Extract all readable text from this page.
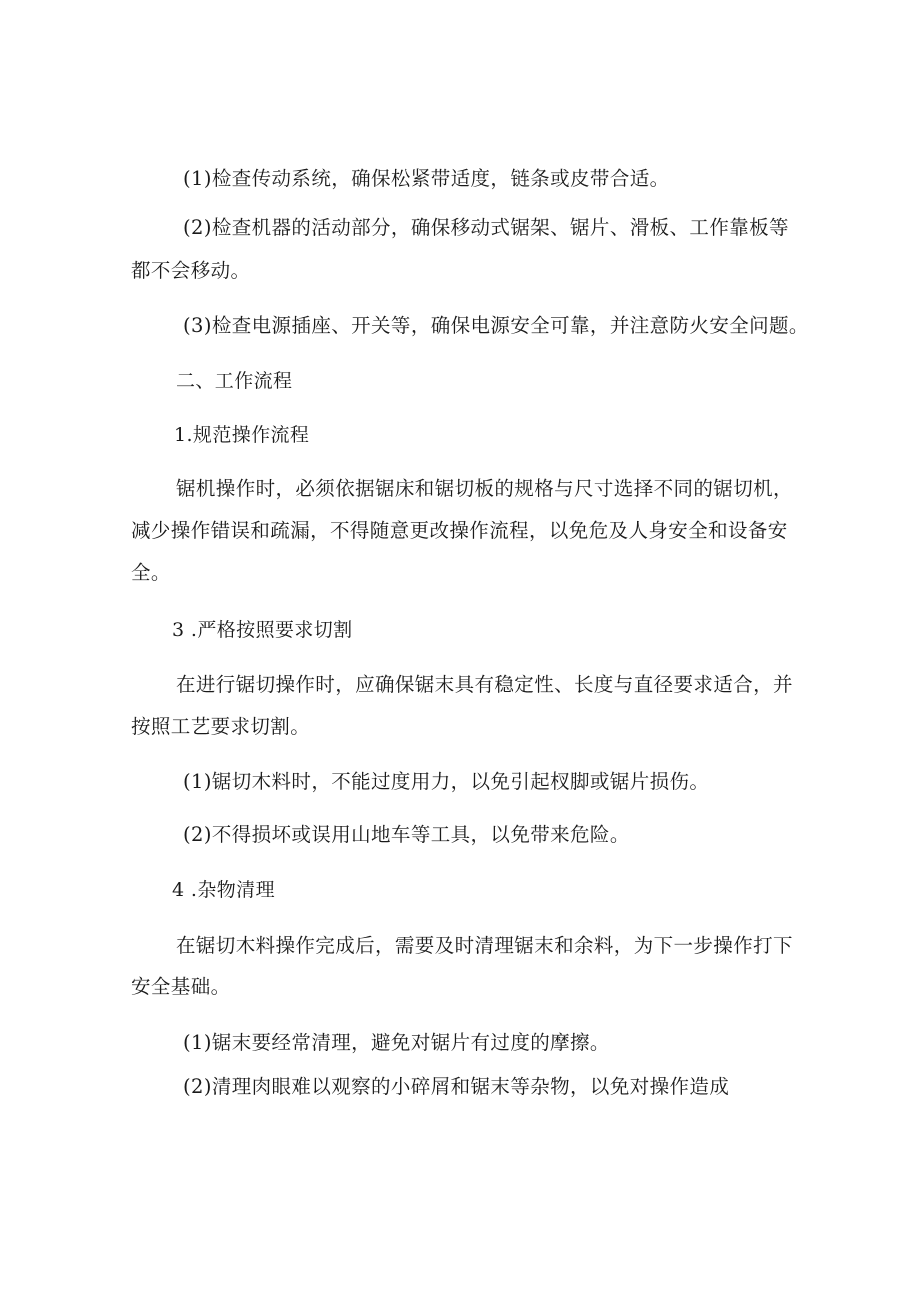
(1)检查传动系统，确保松紧带适度，链条或皮带合适。
(2)检查机器的活动部分，确保移动式锯架、锯片、滑板、工作靠板等
都不会移动。
(3)检查电源插座、开关等，确保电源安全可靠，并注意防火安全问题。
二、工作流程
1.规范操作流程
锯机操作时，必须依据锯床和锯切板的规格与尺寸选择不同的锯切机，
减少操作错误和疏漏，不得随意更改操作流程，以免危及人身安全和设备安
全。
3 .严格按照要求切割
在进行锯切操作时，应确保锯末具有稳定性、长度与直径要求适合，并
按照工艺要求切割。
(1)锯切木料时，不能过度用力，以免引起杈脚或锯片损伤。
(2)不得损坏或误用山地车等工具，以免带来危险。
4 .杂物清理
在锯切木料操作完成后，需要及时清理锯末和余料，为下一步操作打下
安全基础。
(1)锯末要经常清理，避免对锯片有过度的摩擦。
(2)清理肉眼难以观察的小碎屑和锯末等杂物，以免对操作造成
